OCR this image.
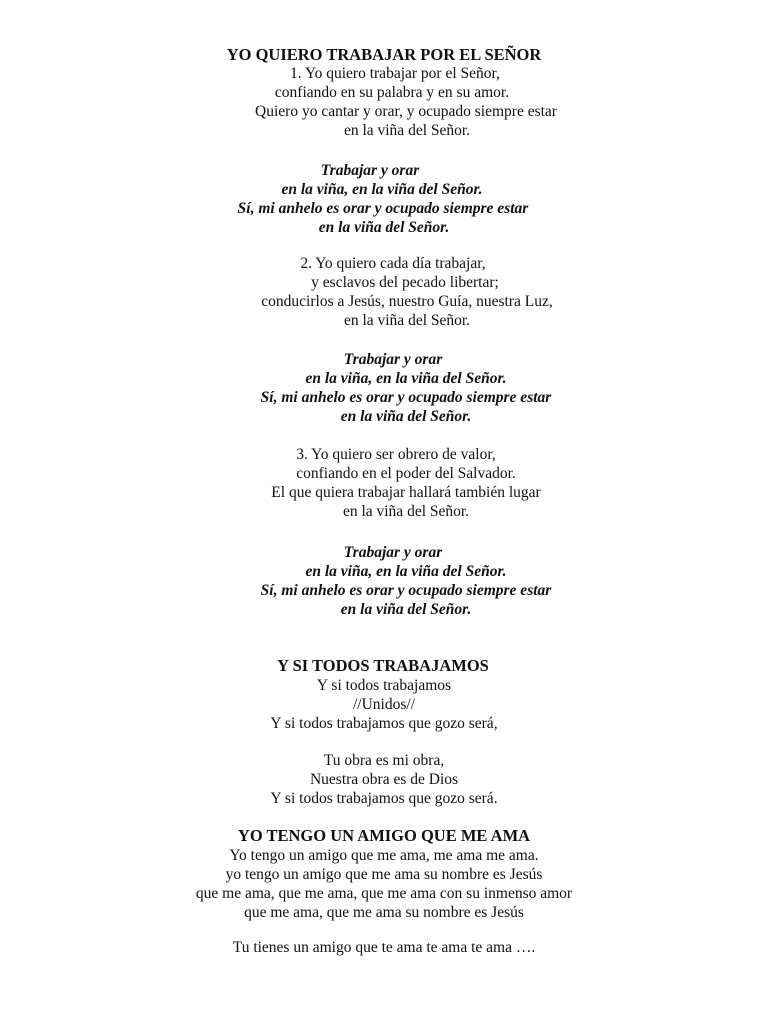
YO QUIERO TRABAJAR POR EL SEÑOR
1. Yo quiero trabajar por el Señor,
confiando en su palabra y en su amor.
Quiero yo cantar y orar, y ocupado siempre estar
en la viña del Señor.
Trabajar y orar
en la viña, en la viña del Señor.
Sí, mi anhelo es orar y ocupado siempre estar
en la viña del Señor.
2. Yo quiero cada día trabajar,
y esclavos del pecado libertar;
conducirlos a Jesús, nuestro Guía, nuestra Luz,
en la viña del Señor.
Trabajar y orar
en la viña, en la viña del Señor.
Sí, mi anhelo es orar y ocupado siempre estar
en la viña del Señor.
3. Yo quiero ser obrero de valor,
confiando en el poder del Salvador.
El que quiera trabajar hallará también lugar
en la viña del Señor.
Trabajar y orar
en la viña, en la viña del Señor.
Sí, mi anhelo es orar y ocupado siempre estar
en la viña del Señor.
Y SI TODOS TRABAJAMOS
Y si todos trabajamos
//Unidos//
Y si todos trabajamos que gozo será,
Tu obra es mi obra,
Nuestra obra es de Dios
Y si todos trabajamos que gozo será.
YO TENGO UN AMIGO QUE ME AMA
Yo tengo un amigo que me ama, me ama me ama.
yo tengo un amigo que me ama su nombre es Jesús
que me ama, que me ama, que me ama con su inmenso amor
que me ama, que me ama su nombre es Jesús
Tu tienes un amigo que te ama te ama te ama ….
